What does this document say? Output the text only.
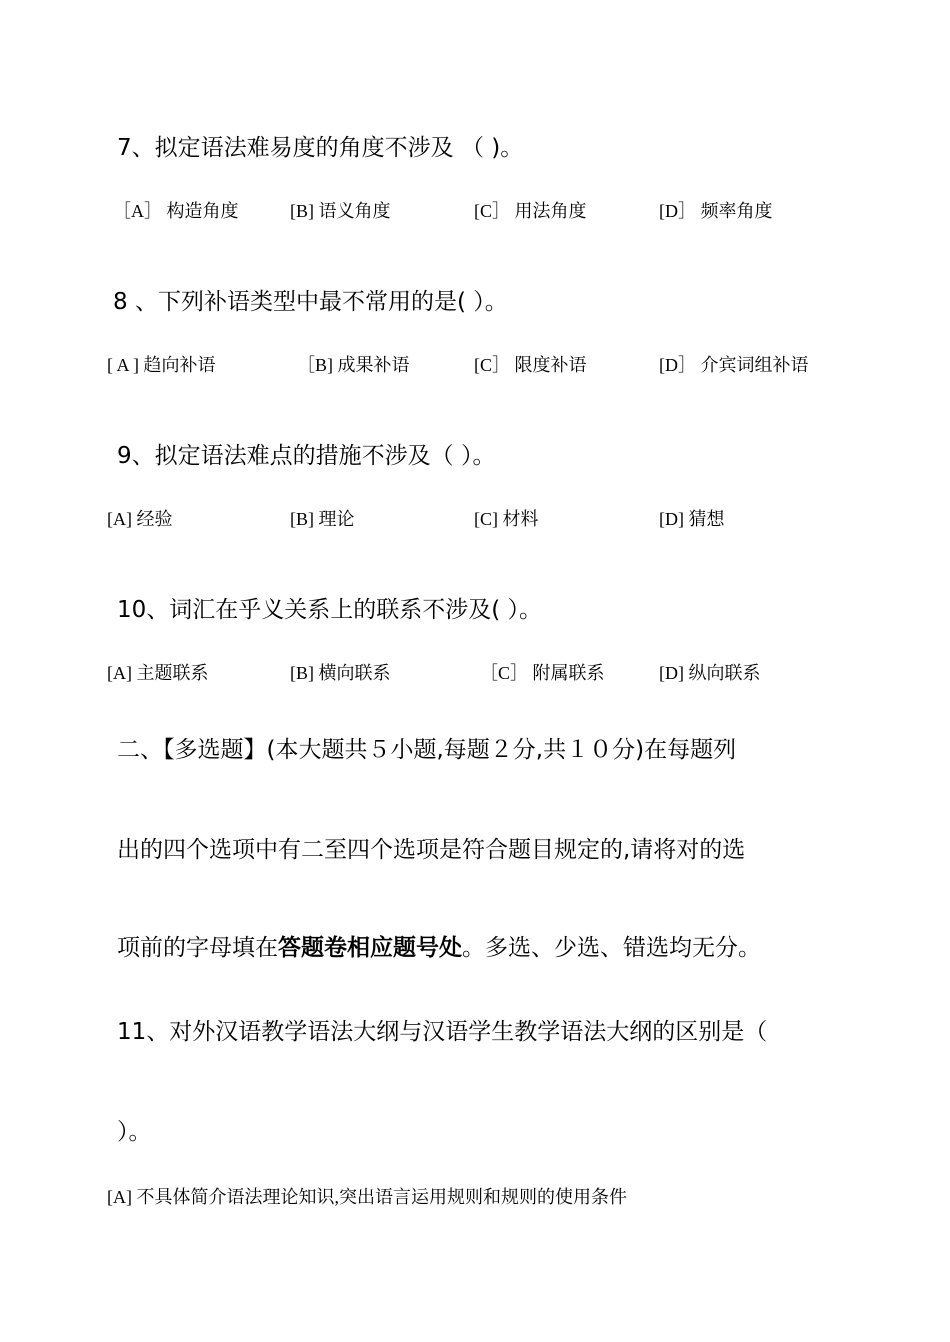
7、拟定语法难易度的角度不涉及 （ )。
［A］ 构造角度	[B] 语义角度	[C］ 用法角度	[D］ 频率角度
8 、下列补语类型中最不常用的是( ）。
[ A ] 趋向补语	［B] 成果补语	[C］ 限度补语	[D］ 介宾词组补语
9、拟定语法难点的措施不涉及（ ）。
[A] 经验	[B] 理论	[C] 材料	[D] 猜想
10、词汇在乎义关系上的联系不涉及( ）。
[A] 主题联系	[B] 横向联系	［C］ 附属联系	[D] 纵向联系
二、【多选题】(本大题共５小题,每题２分,共１０分)在每题列
出的四个选项中有二至四个选项是符合题目规定的,请将对的选
项前的字母填在答题卷相应题号处。多选、少选、错选均无分。
11、对外汉语教学语法大纲与汉语学生教学语法大纲的区别是（
）。
[A] 不具体简介语法理论知识,突出语言运用规则和规则的使用条件
